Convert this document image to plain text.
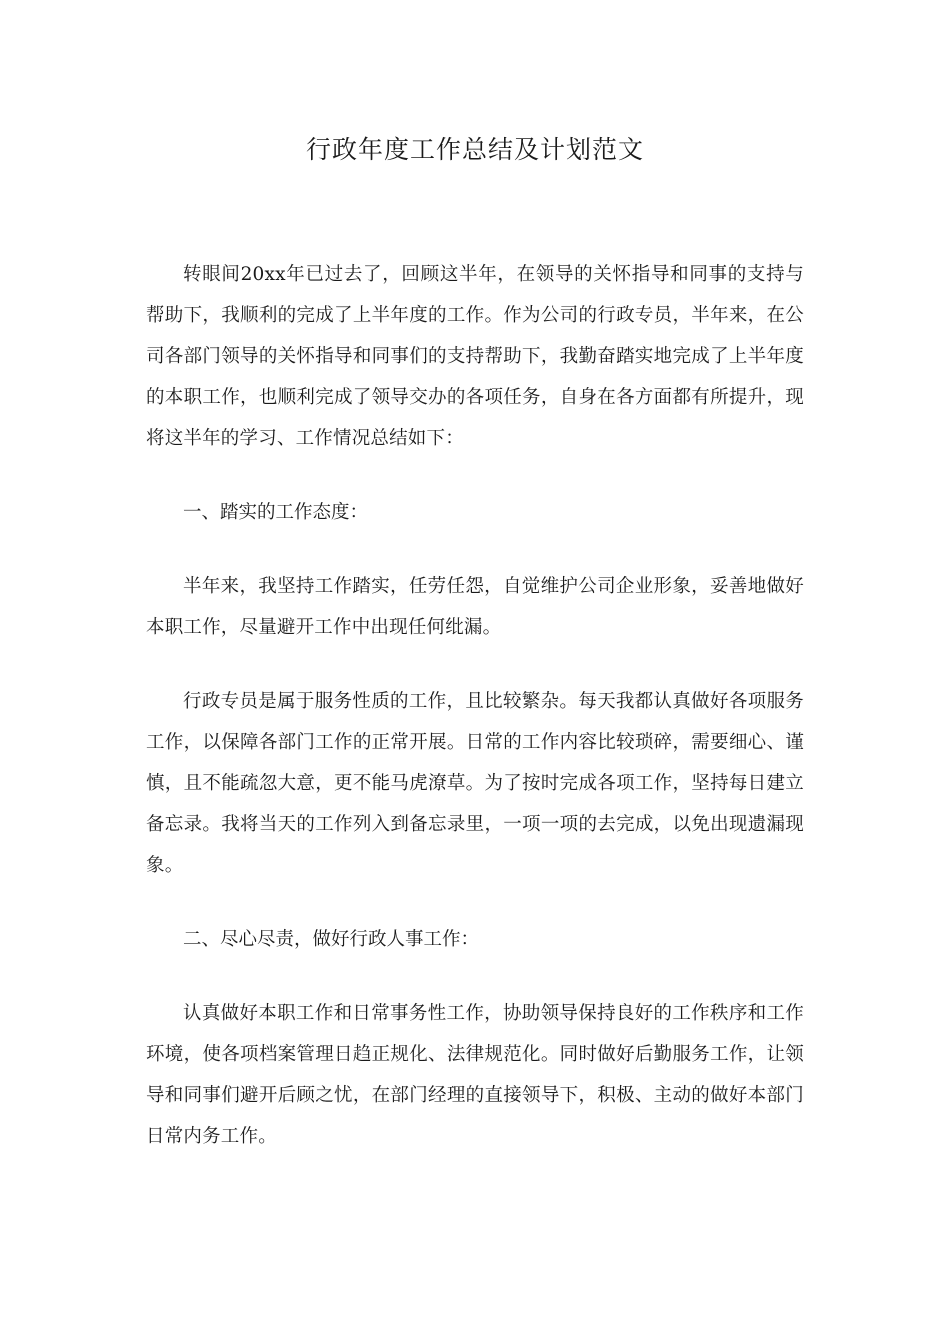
行政年度工作总结及计划范文

转眼间20xx年已过去了，回顾这半年，在领导的关怀指导和同事的支持与帮助下，我顺利的完成了上半年度的工作。作为公司的行政专员，半年来，在公司各部门领导的关怀指导和同事们的支持帮助下，我勤奋踏实地完成了上半年度的本职工作，也顺利完成了领导交办的各项任务，自身在各方面都有所提升，现将这半年的学习、工作情况总结如下：

一、踏实的工作态度：

半年来，我坚持工作踏实，任劳任怨，自觉维护公司企业形象，妥善地做好本职工作，尽量避开工作中出现任何纰漏。

行政专员是属于服务性质的工作，且比较繁杂。每天我都认真做好各项服务工作，以保障各部门工作的正常开展。日常的工作内容比较琐碎，需要细心、谨慎，且不能疏忽大意，更不能马虎潦草。为了按时完成各项工作，坚持每日建立备忘录。我将当天的工作列入到备忘录里，一项一项的去完成，以免出现遗漏现象。

二、尽心尽责，做好行政人事工作：

认真做好本职工作和日常事务性工作，协助领导保持良好的工作秩序和工作环境，使各项档案管理日趋正规化、法律规范化。同时做好后勤服务工作，让领导和同事们避开后顾之忧，在部门经理的直接领导下，积极、主动的做好本部门日常内务工作。
